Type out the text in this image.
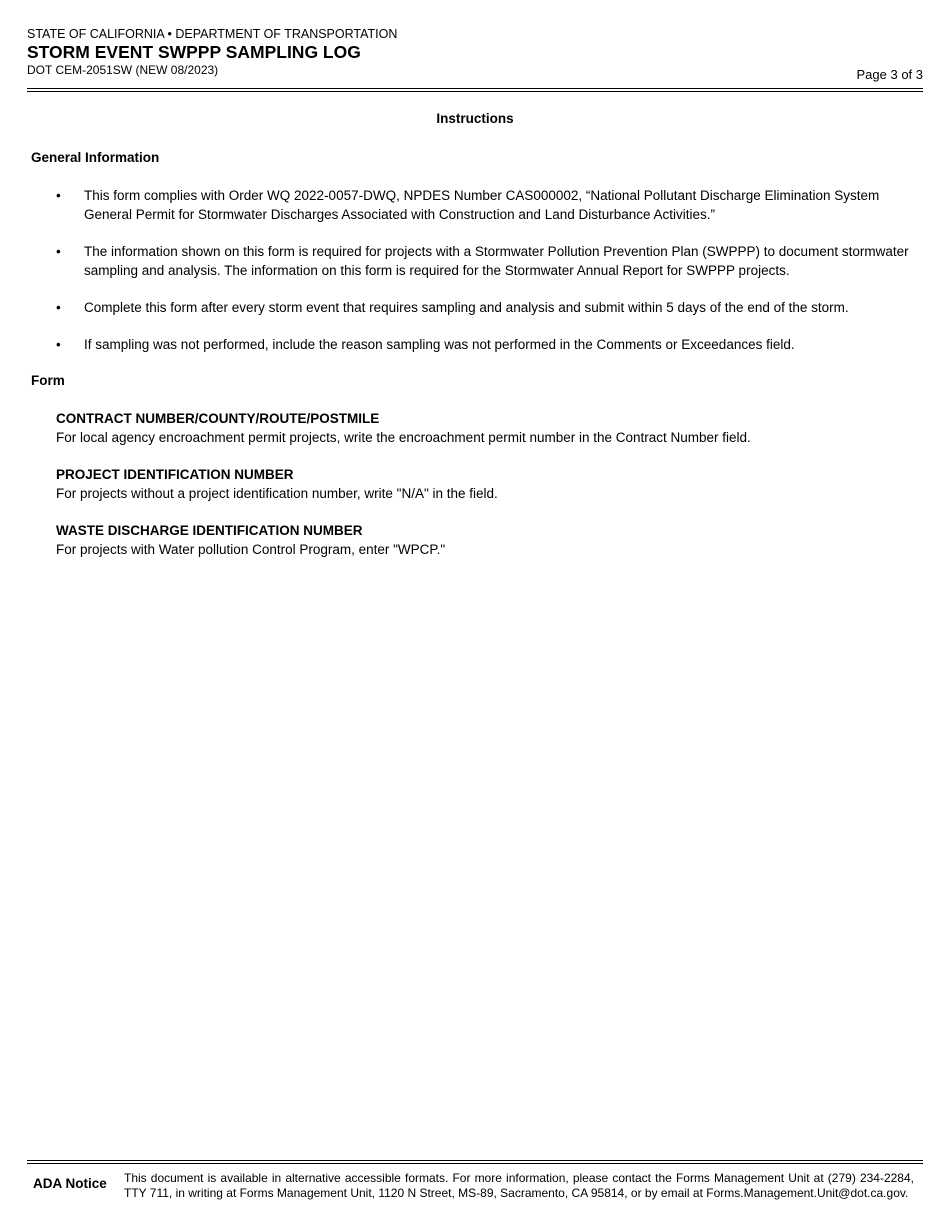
STATE OF CALIFORNIA • DEPARTMENT OF TRANSPORTATION
STORM EVENT SWPPP SAMPLING LOG
DOT CEM-2051SW (NEW 08/2023)	Page 3 of 3
Instructions
General Information
• This form complies with Order WQ 2022-0057-DWQ, NPDES Number CAS000002, “National Pollutant Discharge Elimination System General Permit for Stormwater Discharges Associated with Construction and Land Disturbance Activities.”
• The information shown on this form is required for projects with a Stormwater Pollution Prevention Plan (SWPPP) to document stormwater sampling and analysis. The information on this form is required for the Stormwater Annual Report for SWPPP projects.
• Complete this form after every storm event that requires sampling and analysis and submit within 5 days of the end of the storm.
• If sampling was not performed, include the reason sampling was not performed in the Comments or Exceedances field.
Form
CONTRACT NUMBER/COUNTY/ROUTE/POSTMILE
For local agency encroachment permit projects, write the encroachment permit number in the Contract Number field.
PROJECT IDENTIFICATION NUMBER
For projects without a project identification number, write "N/A" in the field.
WASTE DISCHARGE IDENTIFICATION NUMBER
For projects with Water pollution Control Program, enter "WPCP."
ADA Notice This document is available in alternative accessible formats. For more information, please contact the Forms Management Unit at (279) 234-2284, TTY 711, in writing at Forms Management Unit, 1120 N Street, MS-89, Sacramento, CA 95814, or by email at Forms.Management.Unit@dot.ca.gov.
